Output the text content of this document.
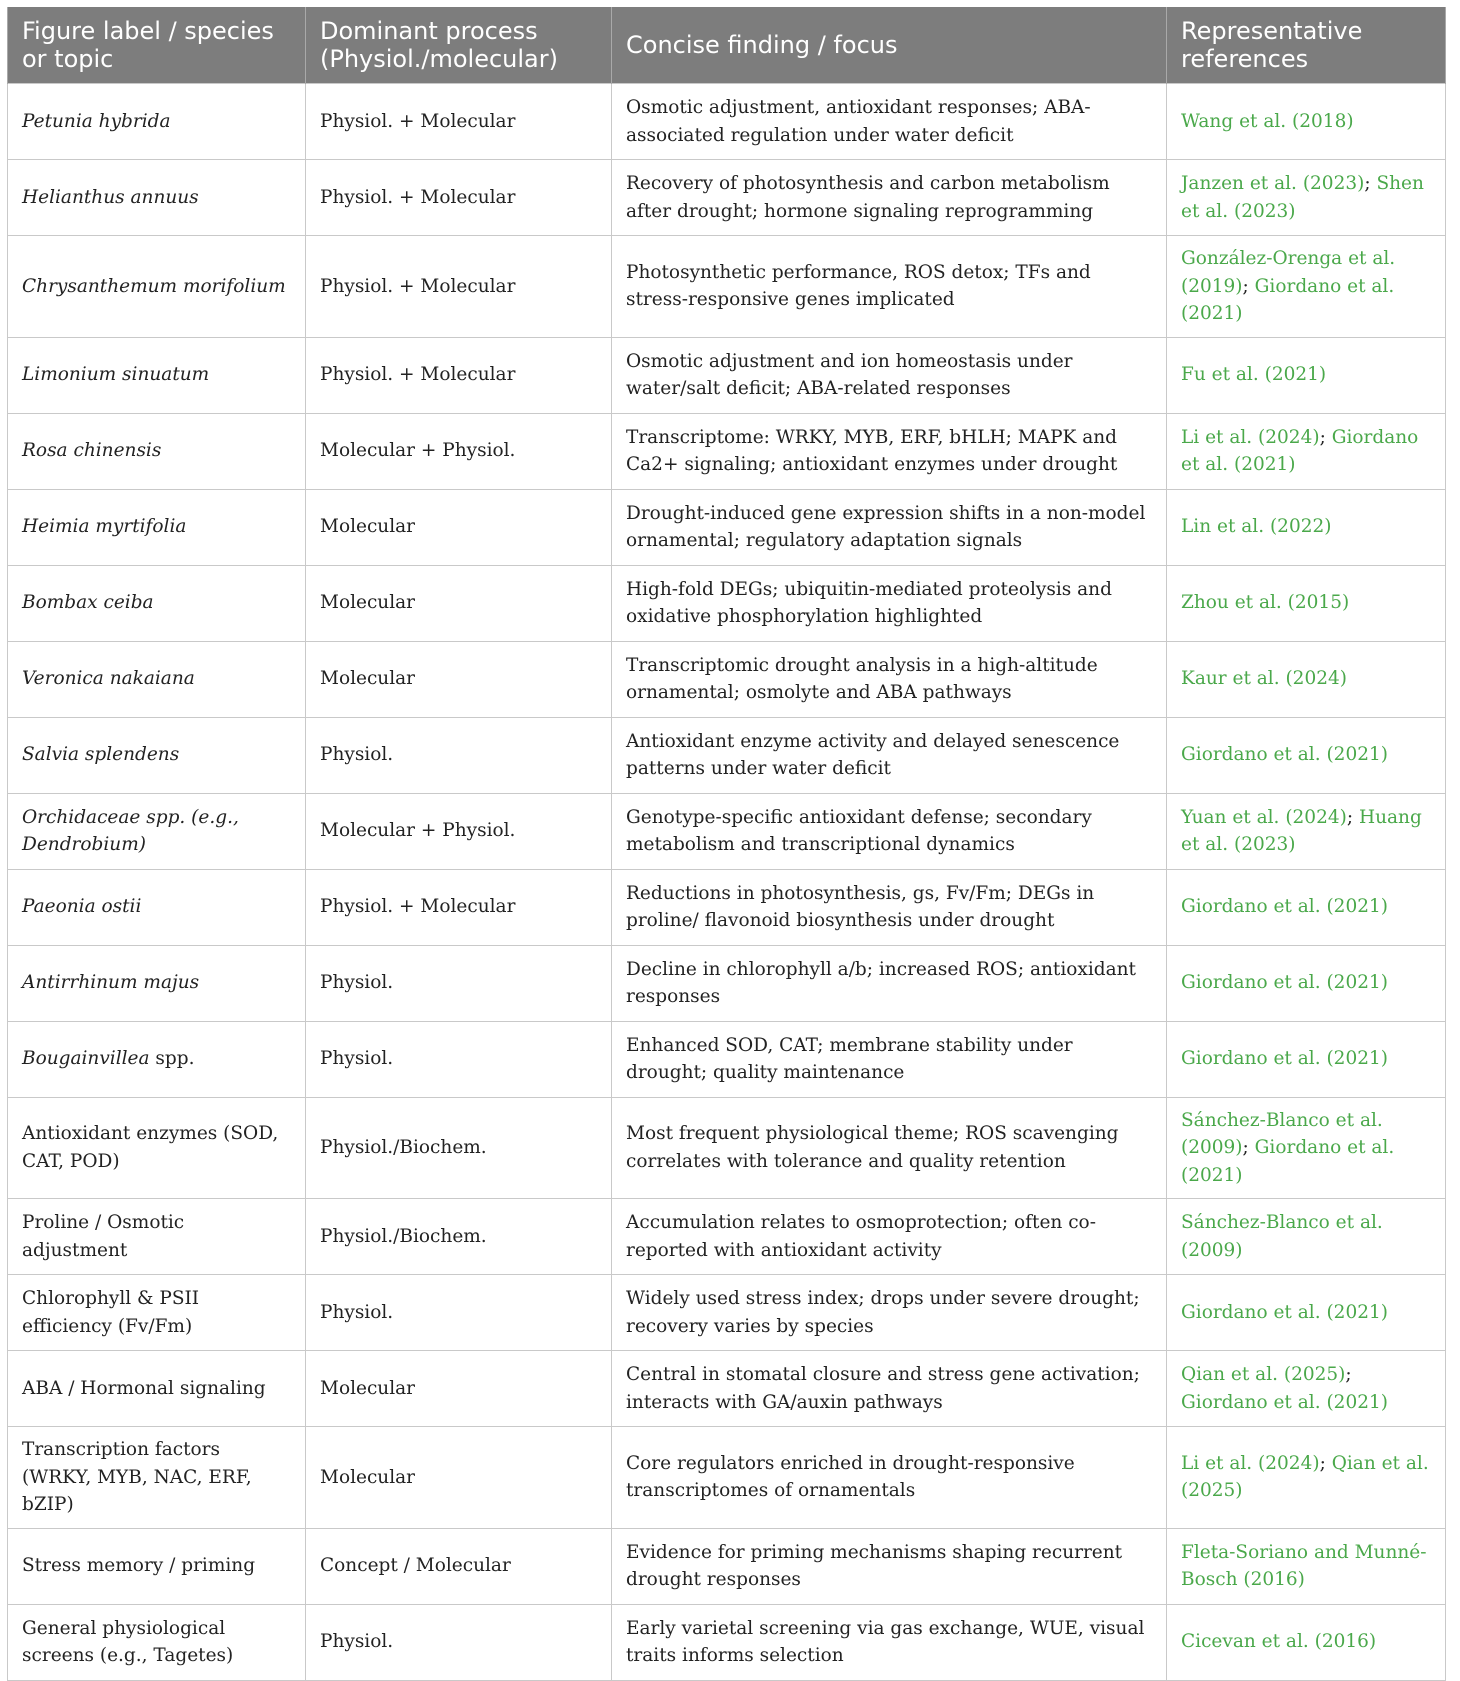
Figure label / species or topic	Dominant process (Physiol./molecular)	Concise finding / focus	Representative references
Petunia hybrida	Physiol. + Molecular	Osmotic adjustment, antioxidant responses; ABA-associated regulation under water deficit	Wang et al. (2018)
Helianthus annuus	Physiol. + Molecular	Recovery of photosynthesis and carbon metabolism after drought; hormone signaling reprogramming	Janzen et al. (2023); Shen et al. (2023)
Chrysanthemum morifolium	Physiol. + Molecular	Photosynthetic performance, ROS detox; TFs and stress-responsive genes implicated	González-Orenga et al. (2019); Giordano et al. (2021)
Limonium sinuatum	Physiol. + Molecular	Osmotic adjustment and ion homeostasis under water/salt deficit; ABA-related responses	Fu et al. (2021)
Rosa chinensis	Molecular + Physiol.	Transcriptome: WRKY, MYB, ERF, bHLH; MAPK and Ca2+ signaling; antioxidant enzymes under drought	Li et al. (2024); Giordano et al. (2021)
Heimia myrtifolia	Molecular	Drought-induced gene expression shifts in a non-model ornamental; regulatory adaptation signals	Lin et al. (2022)
Bombax ceiba	Molecular	High-fold DEGs; ubiquitin-mediated proteolysis and oxidative phosphorylation highlighted	Zhou et al. (2015)
Veronica nakaiana	Molecular	Transcriptomic drought analysis in a high-altitude ornamental; osmolyte and ABA pathways	Kaur et al. (2024)
Salvia splendens	Physiol.	Antioxidant enzyme activity and delayed senescence patterns under water deficit	Giordano et al. (2021)
Orchidaceae spp. (e.g., Dendrobium)	Molecular + Physiol.	Genotype-specific antioxidant defense; secondary metabolism and transcriptional dynamics	Yuan et al. (2024); Huang et al. (2023)
Paeonia ostii	Physiol. + Molecular	Reductions in photosynthesis, gs, Fv/Fm; DEGs in proline/ flavonoid biosynthesis under drought	Giordano et al. (2021)
Antirrhinum majus	Physiol.	Decline in chlorophyll a/b; increased ROS; antioxidant responses	Giordano et al. (2021)
Bougainvillea spp.	Physiol.	Enhanced SOD, CAT; membrane stability under drought; quality maintenance	Giordano et al. (2021)
Antioxidant enzymes (SOD, CAT, POD)	Physiol./Biochem.	Most frequent physiological theme; ROS scavenging correlates with tolerance and quality retention	Sánchez-Blanco et al. (2009); Giordano et al. (2021)
Proline / Osmotic adjustment	Physiol./Biochem.	Accumulation relates to osmoprotection; often co-reported with antioxidant activity	Sánchez-Blanco et al. (2009)
Chlorophyll & PSII efficiency (Fv/Fm)	Physiol.	Widely used stress index; drops under severe drought; recovery varies by species	Giordano et al. (2021)
ABA / Hormonal signaling	Molecular	Central in stomatal closure and stress gene activation; interacts with GA/auxin pathways	Qian et al. (2025); Giordano et al. (2021)
Transcription factors (WRKY, MYB, NAC, ERF, bZIP)	Molecular	Core regulators enriched in drought-responsive transcriptomes of ornamentals	Li et al. (2024); Qian et al. (2025)
Stress memory / priming	Concept / Molecular	Evidence for priming mechanisms shaping recurrent drought responses	Fleta-Soriano and Munné-Bosch (2016)
General physiological screens (e.g., Tagetes)	Physiol.	Early varietal screening via gas exchange, WUE, visual traits informs selection	Cicevan et al. (2016)
